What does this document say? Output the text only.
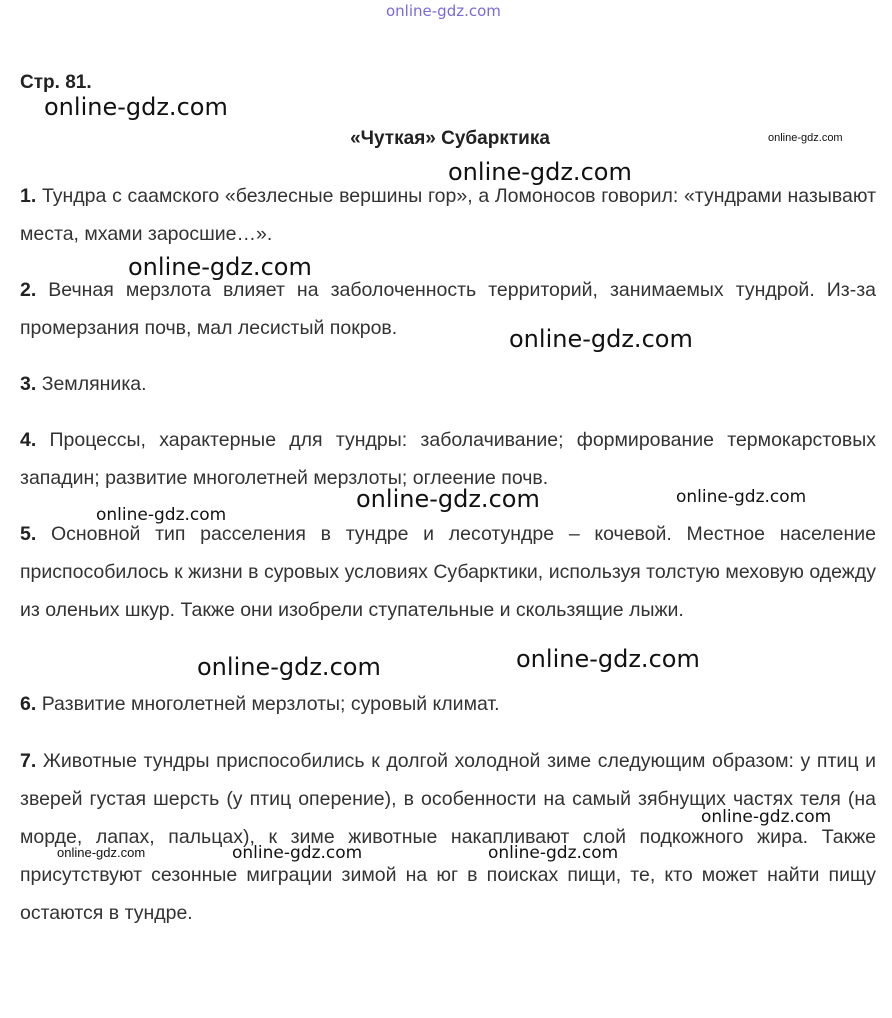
Стр. 81.
«Чуткая» Субарктика

1. Тундра с саамского «безлесные вершины гор», а Ломоносов говорил: «тундрами называют места, мхами заросшие…».

2. Вечная мерзлота влияет на заболоченность территорий, занимаемых тундрой. Из-за промерзания почв, мал лесистый покров.

3. Земляника.

4. Процессы, характерные для тундры: заболачивание; формирование термокарстовых западин; развитие многолетней мерзлоты; оглеение почв.

5. Основной тип расселения в тундре и лесотундре – кочевой. Местное население приспособилось к жизни в суровых условиях Субарктики, используя толстую меховую одежду из оленьих шкур. Также они изобрели ступательные и скользящие лыжи.

6. Развитие многолетней мерзлоты; суровый климат.

7. Животные тундры приспособились к долгой холодной зиме следующим образом: у птиц и зверей густая шерсть (у птиц оперение), в особенности на самый зябнущих частях теля (на морде, лапах, пальцах), к зиме животные накапливают слой подкожного жира. Также присутствуют сезонные миграции зимой на юг в поисках пищи, те, кто может найти пищу остаются в тундре.

online-gdz.com
online-gdz.com
online-gdz.com
online-gdz.com
online-gdz.com
online-gdz.com
online-gdz.com
online-gdz.com	online-gdz.com
online-gdz.com	online-gdz.com
online-gdz.com
online-gdz.com	online-gdz.com	online-gdz.com
